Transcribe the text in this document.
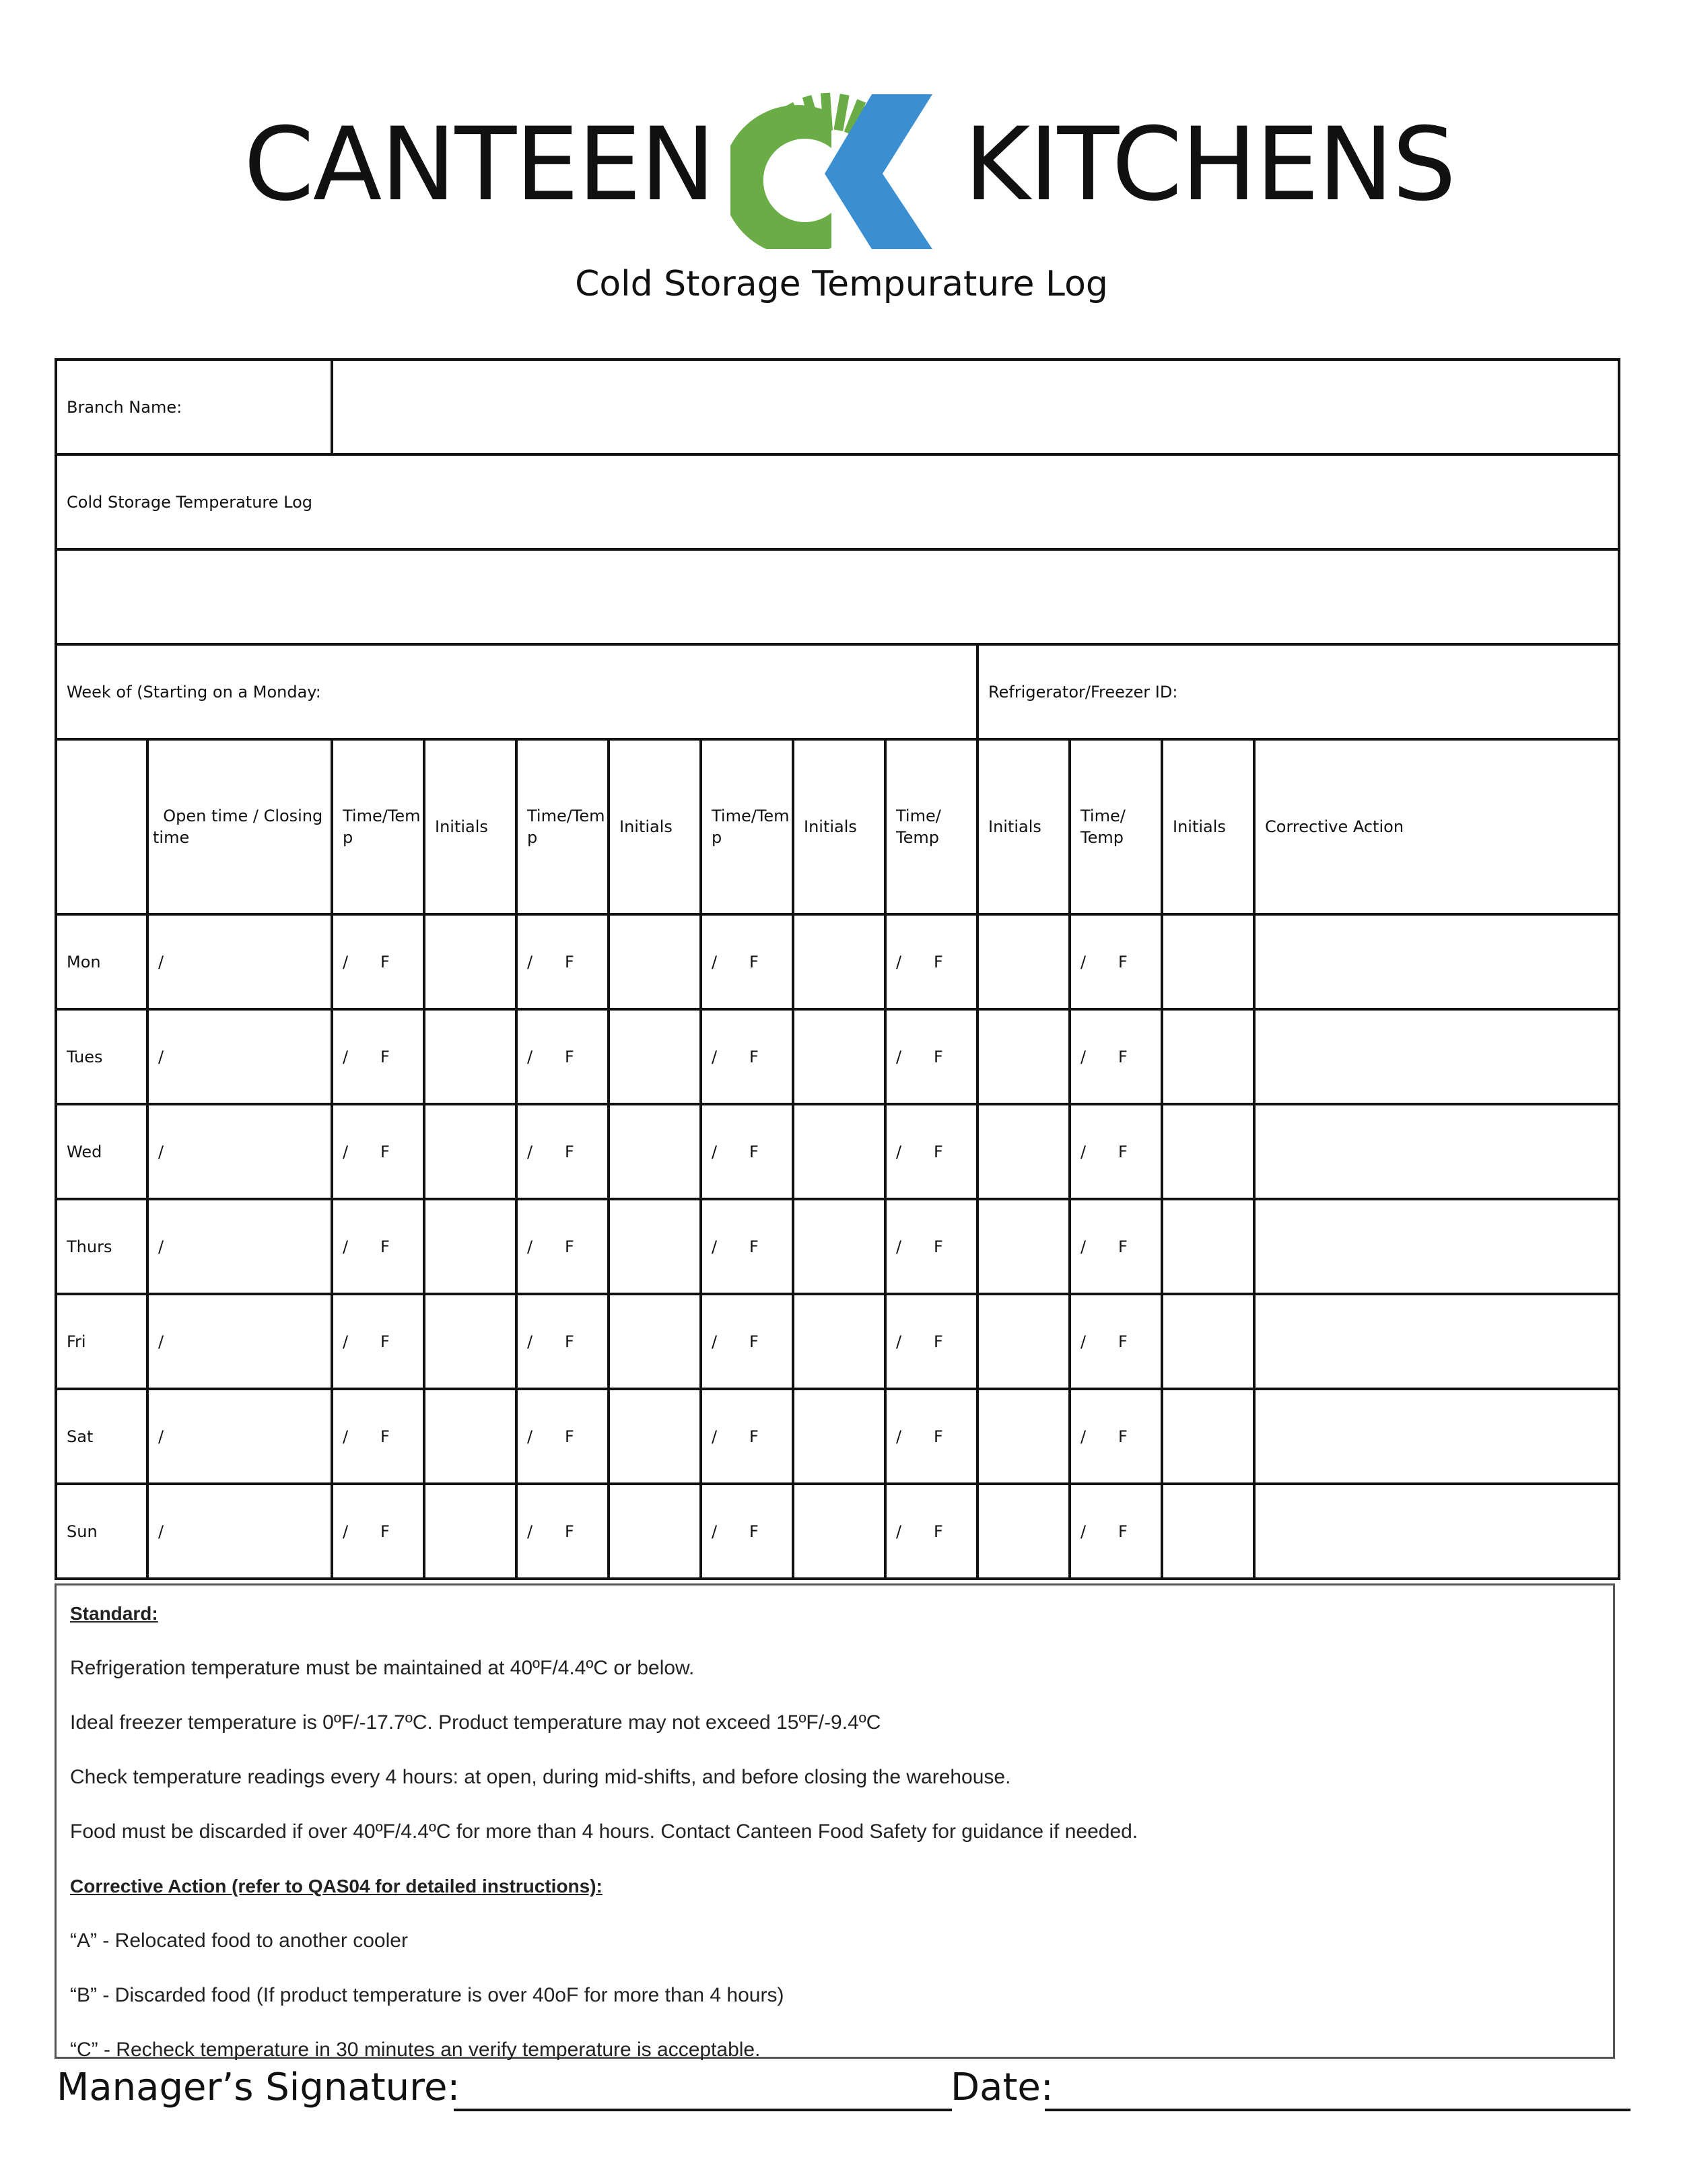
CANTEEN KITCHENS
Cold Storage Tempurature Log
Branch Name:												
Cold Storage Temperature Log												

Week of (Starting on a Monday:									Refrigerator/Freezer ID:			
	Open time / Closing time	Time/Temp	Initials	Time/Temp	Initials	Time/Temp	Initials	Time/ Temp	Initials	Time/ Temp	Initials	Corrective Action
Mon	/	/ F		/ F		/ F		/ F		/ F		
Tues	/	/ F		/ F		/ F		/ F		/ F		
Wed	/	/ F		/ F		/ F		/ F		/ F		
Thurs	/	/ F		/ F		/ F		/ F		/ F		
Fri	/	/ F		/ F		/ F		/ F		/ F		
Sat	/	/ F		/ F		/ F		/ F		/ F		
Sun	/	/ F		/ F		/ F		/ F		/ F		

Standard:

Refrigeration temperature must be maintained at 40ºF/4.4ºC or below.

Ideal freezer temperature is 0ºF/-17.7ºC. Product temperature may not exceed 15ºF/-9.4ºC

Check temperature readings every 4 hours: at open, during mid-shifts, and before closing the warehouse.

Food must be discarded if over 40ºF/4.4ºC for more than 4 hours. Contact Canteen Food Safety for guidance if needed.

Corrective Action (refer to QAS04 for detailed instructions):

“A” - Relocated food to another cooler

“B” - Discarded food (If product temperature is over 40oF for more than 4 hours)

“C” - Recheck temperature in 30 minutes an verify temperature is acceptable.

Manager’s Signature:	Date:
